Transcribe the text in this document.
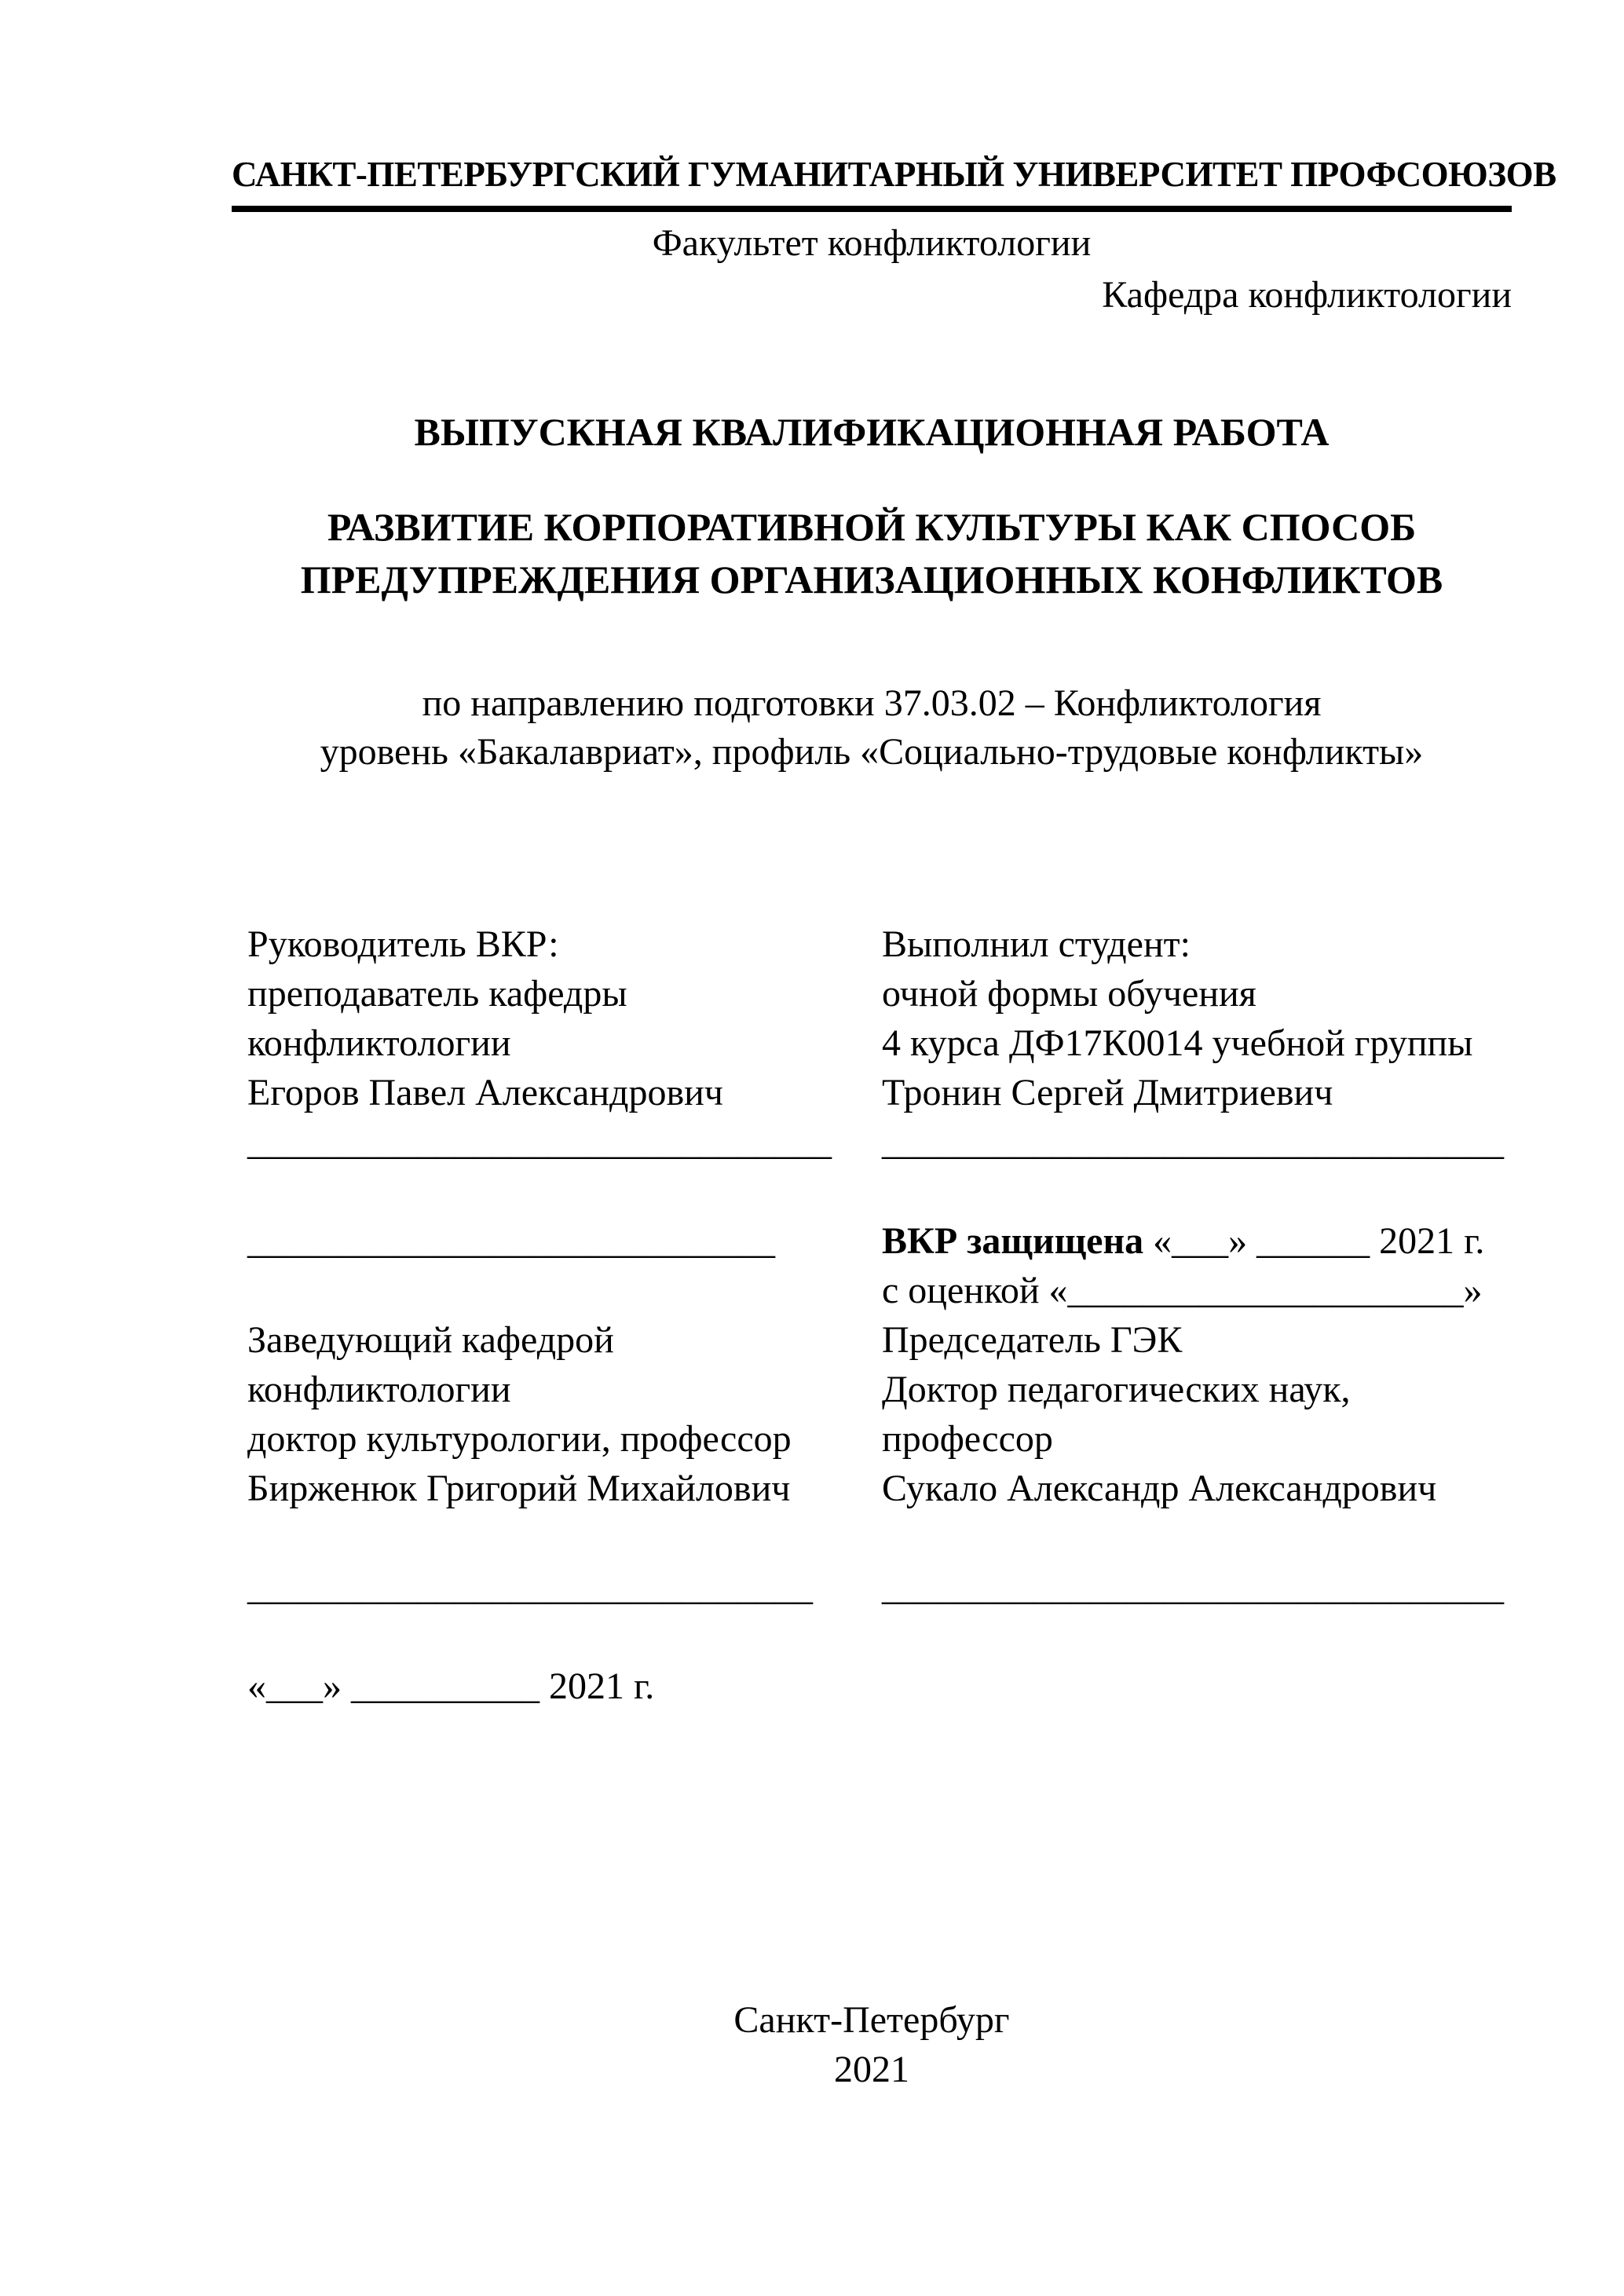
САНКТ-ПЕТЕРБУРГСКИЙ ГУМАНИТАРНЫЙ УНИВЕРСИТЕТ ПРОФСОЮЗОВ
Факультет конфликтологии
Кафедра конфликтологии
ВЫПУСКНАЯ КВАЛИФИКАЦИОННАЯ РАБОТА
РАЗВИТИЕ КОРПОРАТИВНОЙ КУЛЬТУРЫ КАК СПОСОБ
ПРЕДУПРЕЖДЕНИЯ ОРГАНИЗАЦИОННЫХ КОНФЛИКТОВ
по направлению подготовки 37.03.02 – Конфликтология
уровень «Бакалавриат», профиль «Социально-трудовые конфликты»
Руководитель ВКР:
преподаватель кафедры
конфликтологии
Егоров Павел Александрович
_______________________________
____________________________
Заведующий кафедрой
конфликтологии
доктор культурологии, профессор
Бирженюк Григорий Михайлович
______________________________
«___» __________ 2021 г.
Выполнил студент:
очной формы обучения
4 курса ДФ17К0014 учебной группы
Тронин Сергей Дмитриевич
_________________________________
ВКР защищена «___» ______ 2021 г.
с оценкой «_____________________»
Председатель ГЭК
Доктор педагогических наук,
профессор
Сукало Александр Александрович
_________________________________
Санкт-Петербург
2021
